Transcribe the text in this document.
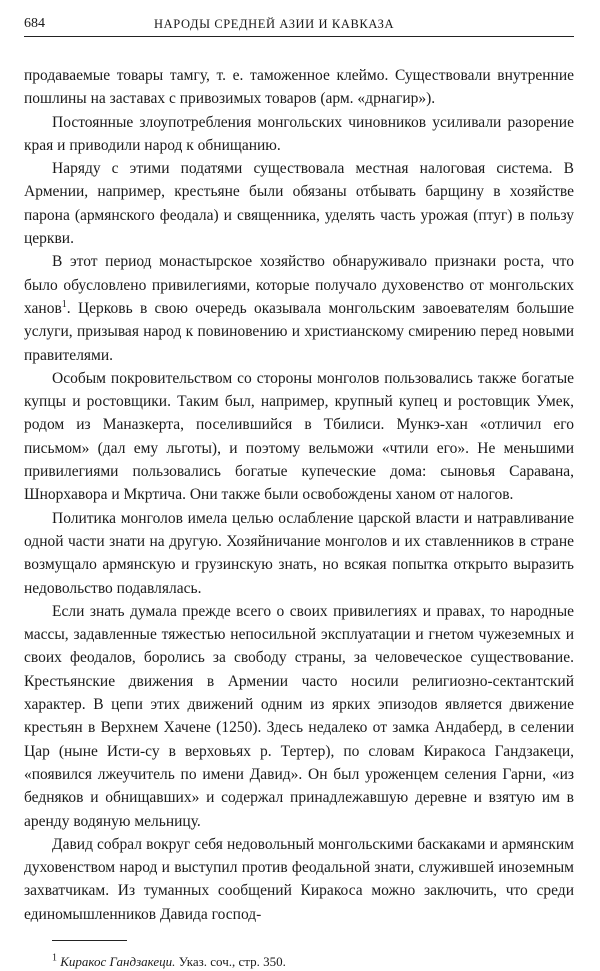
684	НАРОДЫ СРЕДНЕЙ АЗИИ И КАВКАЗА

продаваемые товары тамгу, т. е. таможенное клеймо. Существовали внутренние пошлины на заставах с привозимых товаров (арм. «дрнагир»).

Постоянные злоупотребления монгольских чиновников усиливали разорение края и приводили народ к обнищанию.

Наряду с этими податями существовала местная налоговая система. В Армении, например, крестьяне были обязаны отбывать барщину в хозяйстве парона (армянского феодала) и священника, уделять часть урожая (птуг) в пользу церкви.

В этот период монастырское хозяйство обнаруживало признаки роста, что было обусловлено привилегиями, которые получало духовенство от монгольских ханов$^1$. Церковь в свою очередь оказывала монгольским завоевателям большие услуги, призывая народ к повиновению и христианскому смирению перед новыми правителями.

Особым покровительством со стороны монголов пользовались также богатые купцы и ростовщики. Таким был, например, крупный купец и ростовщик Умек, родом из Маназкерта, поселившийся в Тбилиси. Мункэ-хан «отличил его письмом» (дал ему льготы), и поэтому вельможи «чтили его». Не меньшими привилегиями пользовались богатые купеческие дома: сыновья Саравана, Шнорхавора и Мкртича. Они также были освобождены ханом от налогов.

Политика монголов имела целью ослабление царской власти и натравливание одной части знати на другую. Хозяйничание монголов и их ставленников в стране возмущало армянскую и грузинскую знать, но всякая попытка открыто выразить недовольство подавлялась.

Если знать думала прежде всего о своих привилегиях и правах, то народные массы, задавленные тяжестью непосильной эксплуатации и гнетом чужеземных и своих феодалов, боролись за свободу страны, за человеческое существование. Крестьянские движения в Армении часто носили религиозно-сектантский характер. В цепи этих движений одним из ярких эпизодов является движение крестьян в Верхнем Хачене (1250). Здесь недалеко от замка Андаберд, в селении Цар (ныне Исти-су в верховьях р. Тертер), по словам Киракоса Гандзакеци, «появился лжеучитель по имени Давид». Он был уроженцем селения Гарни, «из бедняков и обнищавших» и содержал принадлежавшую деревне и взятую им в аренду водяную мельницу.

Давид собрал вокруг себя недовольный монгольскими баскаками и армянским духовенством народ и выступил против феодальной знати, служившей иноземным захватчикам. Из туманных сообщений Киракоса можно заключить, что среди единомышленников Давида господ-

$^1$ Киракос Гандзакеци. Указ. соч., стр. 350.
